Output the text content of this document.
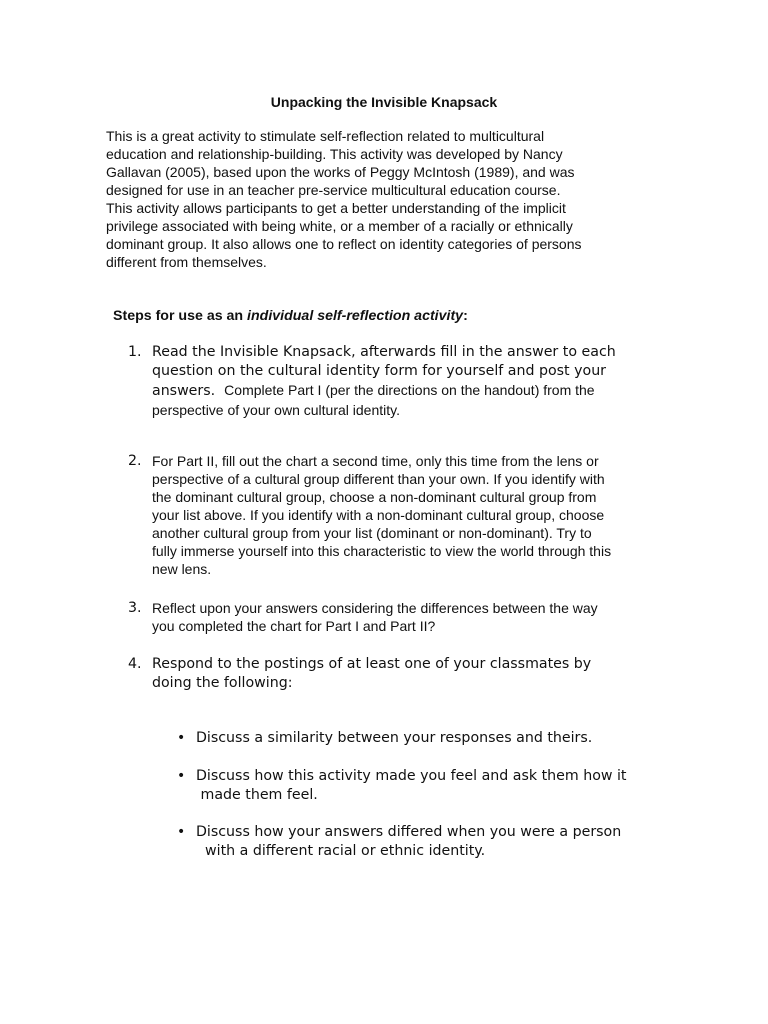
Unpacking the Invisible Knapsack
This is a great activity to stimulate self-reflection related to multicultural
education and relationship-building. This activity was developed by Nancy
Gallavan (2005), based upon the works of Peggy McIntosh (1989), and was
designed for use in an teacher pre-service multicultural education course.
This activity allows participants to get a better understanding of the implicit
privilege associated with being white, or a member of a racially or ethnically
dominant group. It also allows one to reflect on identity categories of persons
different from themselves.
Steps for use as an individual self-reflection activity:
1. Read the Invisible Knapsack, afterwards fill in the answer to each
question on the cultural identity form for yourself and post your
answers.  Complete Part I (per the directions on the handout) from the
perspective of your own cultural identity.
2. For Part II, fill out the chart a second time, only this time from the lens or
perspective of a cultural group different than your own. If you identify with
the dominant cultural group, choose a non-dominant cultural group from
your list above. If you identify with a non-dominant cultural group, choose
another cultural group from your list (dominant or non-dominant). Try to
fully immerse yourself into this characteristic to view the world through this
new lens.
3. Reflect upon your answers considering the differences between the way
you completed the chart for Part I and Part II?
4. Respond to the postings of at least one of your classmates by
doing the following:
• Discuss a similarity between your responses and theirs.
• Discuss how this activity made you feel and ask them how it
made them feel.
• Discuss how your answers differed when you were a person
with a different racial or ethnic identity.
